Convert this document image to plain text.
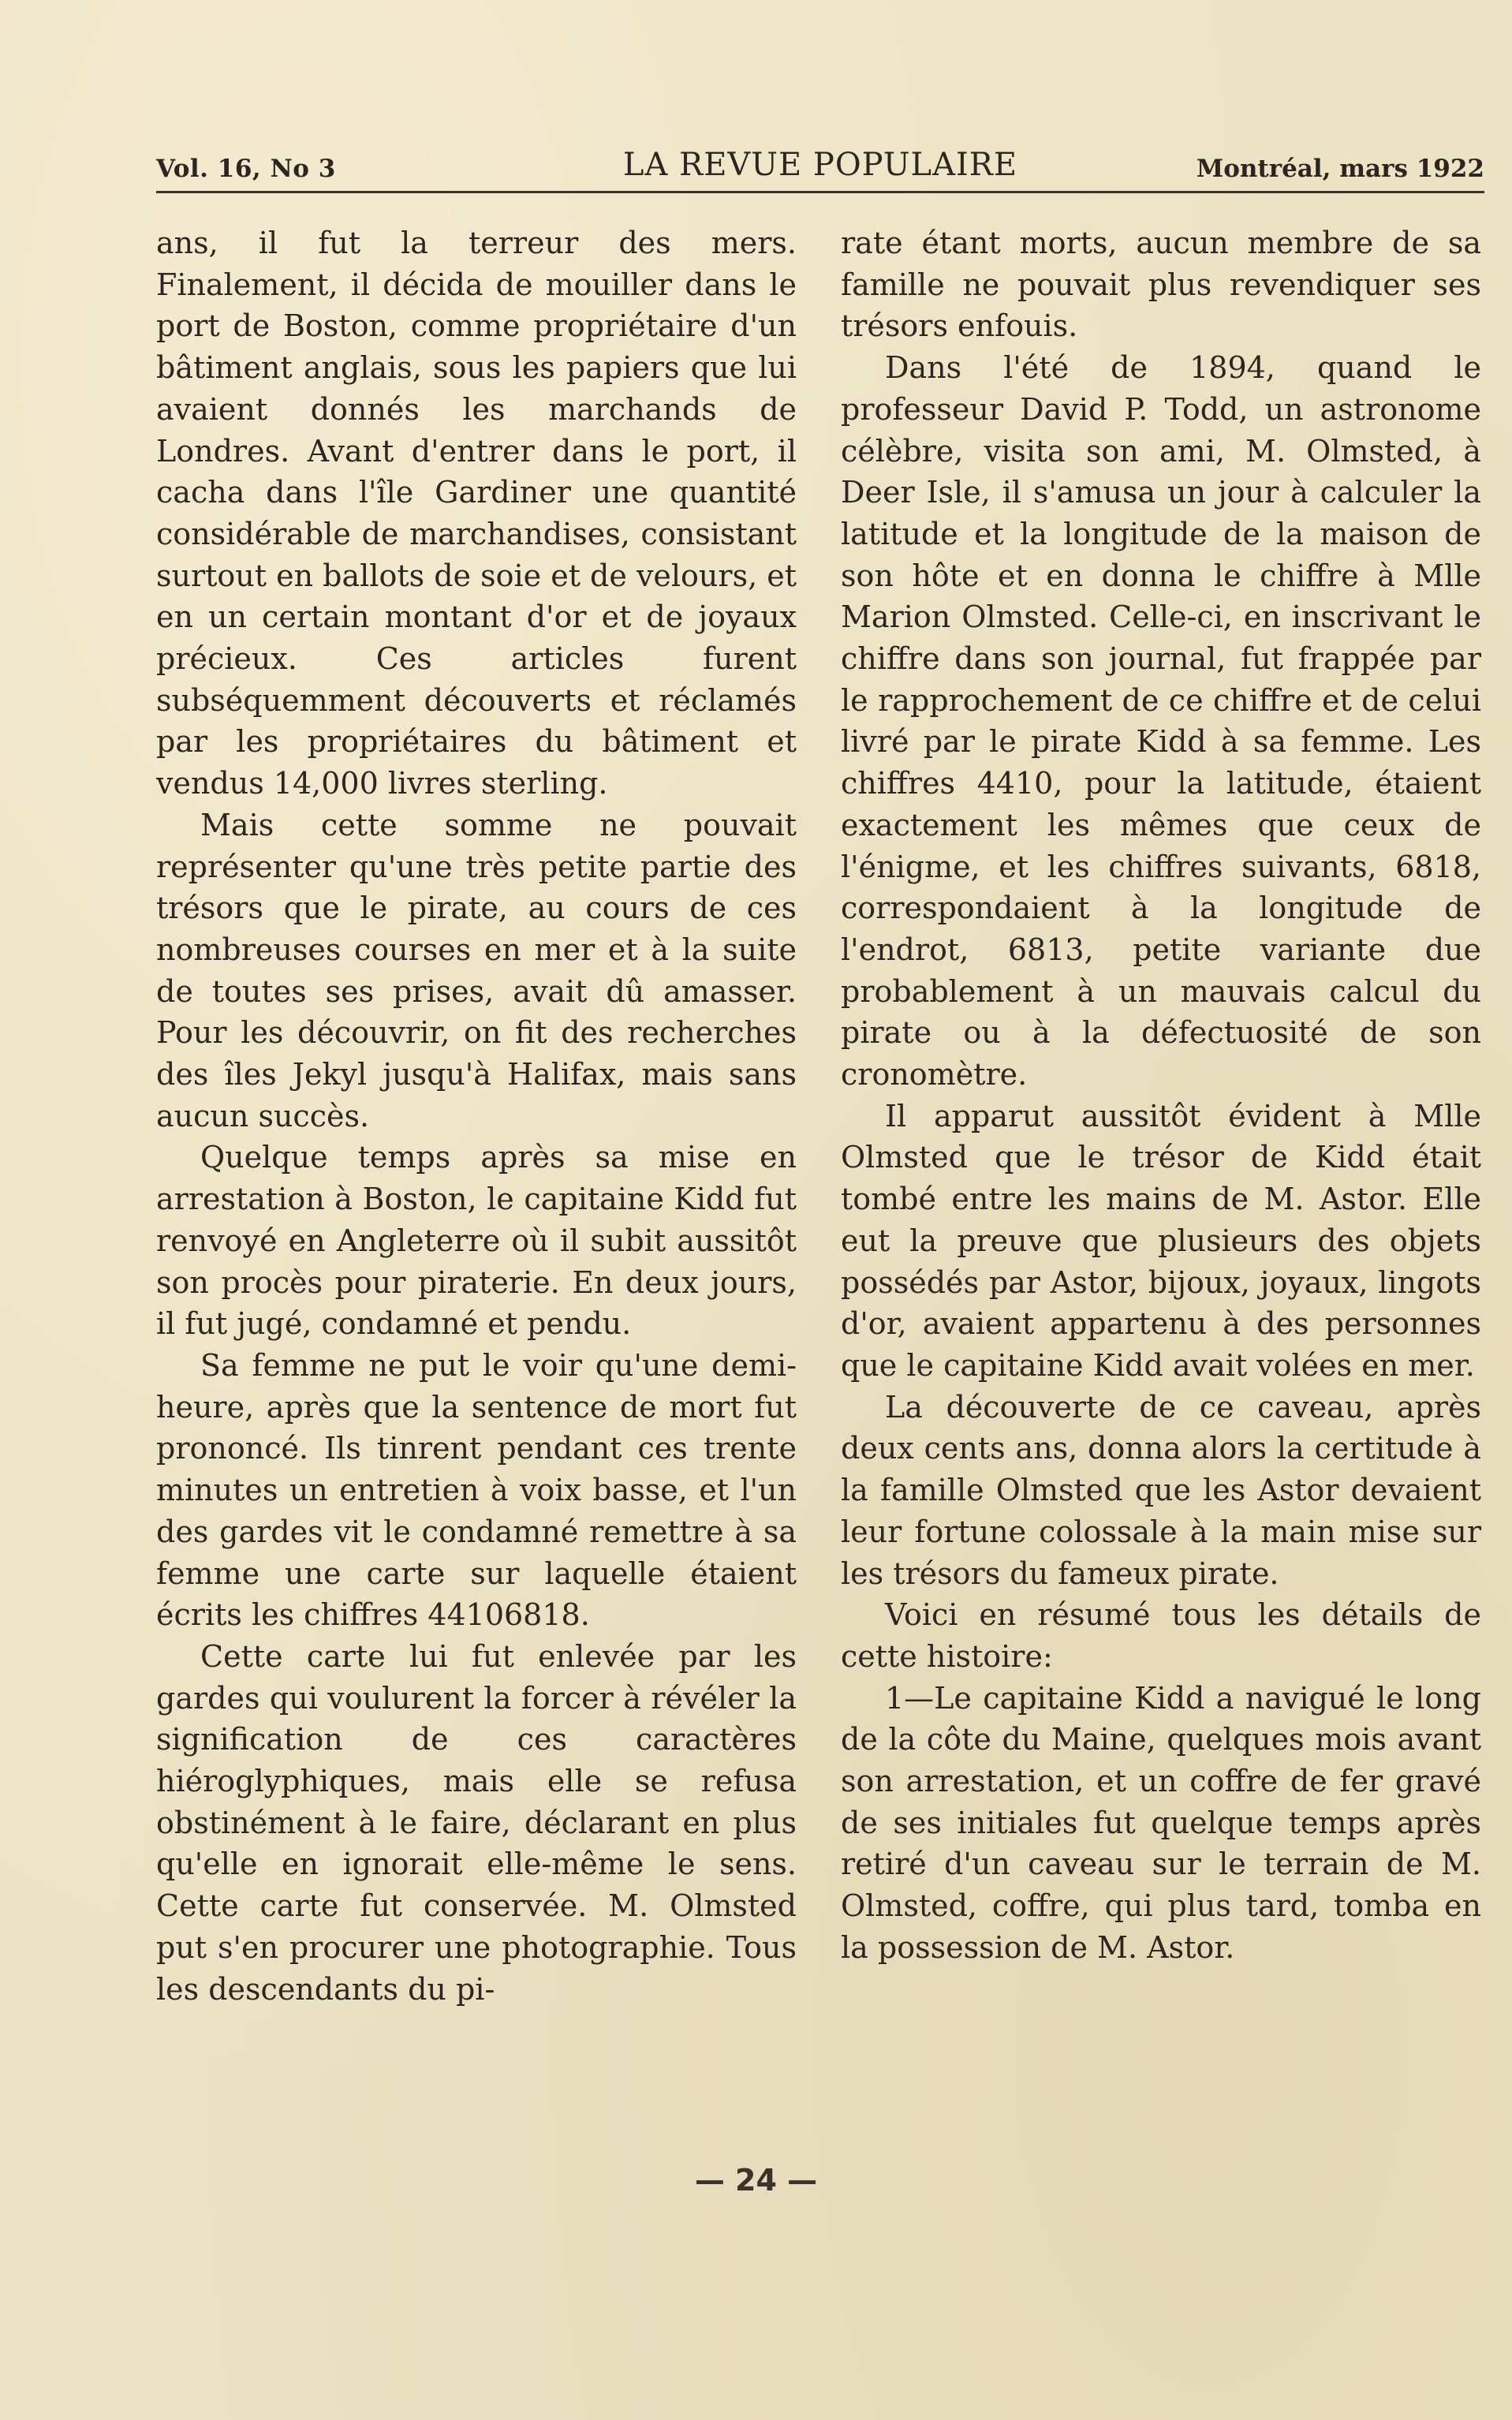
LA REVUE POPULAIRE
Vol. 16, No 3	Montréal, mars 1922

ans, il fut la terreur des mers. Finalement, il décida de mouiller dans le port de Boston, comme propriétaire d'un bâtiment anglais, sous les papiers que lui avaient donnés les marchands de Londres. Avant d'entrer dans le port, il cacha dans l'île Gardiner une quantité considérable de marchandises, consistant surtout en ballots de soie et de velours, et en un certain montant d'or et de joyaux précieux. Ces articles furent subséquemment découverts et réclamés par les propriétaires du bâtiment et vendus 14,000 livres sterling.

Mais cette somme ne pouvait représenter qu'une très petite partie des trésors que le pirate, au cours de ces nombreuses courses en mer et à la suite de toutes ses prises, avait dû amasser. Pour les découvrir, on fit des recherches des îles Jekyl jusqu'à Halifax, mais sans aucun succès.

Quelque temps après sa mise en arrestation à Boston, le capitaine Kidd fut renvoyé en Angleterre où il subit aussitôt son procès pour piraterie. En deux jours, il fut jugé, condamné et pendu.

Sa femme ne put le voir qu'une demi-heure, après que la sentence de mort fut prononcé. Ils tinrent pendant ces trente minutes un entretien à voix basse, et l'un des gardes vit le condamné remettre à sa femme une carte sur laquelle étaient écrits les chiffres 44106818.

Cette carte lui fut enlevée par les gardes qui voulurent la forcer à révéler la signification de ces caractères hiéroglyphiques, mais elle se refusa obstinément à le faire, déclarant en plus qu'elle en ignorait elle-même le sens. Cette carte fut conservée. M. Olmsted put s'en procurer une photographie. Tous les descendants du pi-

rate étant morts, aucun membre de sa famille ne pouvait plus revendiquer ses trésors enfouis.

Dans l'été de 1894, quand le professeur David P. Todd, un astronome célèbre, visita son ami, M. Olmsted, à Deer Isle, il s'amusa un jour à calculer la latitude et la longitude de la maison de son hôte et en donna le chiffre à Mlle Marion Olmsted. Celle-ci, en inscrivant le chiffre dans son journal, fut frappée par le rapprochement de ce chiffre et de celui livré par le pirate Kidd à sa femme. Les chiffres 4410, pour la latitude, étaient exactement les mêmes que ceux de l'énigme, et les chiffres suivants, 6818, correspondaient à la longitude de l'endrot, 6813, petite variante due probablement à un mauvais calcul du pirate ou à la défectuosité de son cronomètre.

Il apparut aussitôt évident à Mlle Olmsted que le trésor de Kidd était tombé entre les mains de M. Astor. Elle eut la preuve que plusieurs des objets possédés par Astor, bijoux, joyaux, lingots d'or, avaient appartenu à des personnes que le capitaine Kidd avait volées en mer.

La découverte de ce caveau, après deux cents ans, donna alors la certitude à la famille Olmsted que les Astor devaient leur fortune colossale à la main mise sur les trésors du fameux pirate.

Voici en résumé tous les détails de cette histoire:

1—Le capitaine Kidd a navigué le long de la côte du Maine, quelques mois avant son arrestation, et un coffre de fer gravé de ses initiales fut quelque temps après retiré d'un caveau sur le terrain de M. Olmsted, coffre, qui plus tard, tomba en la possession de M. Astor.

— 24 —
